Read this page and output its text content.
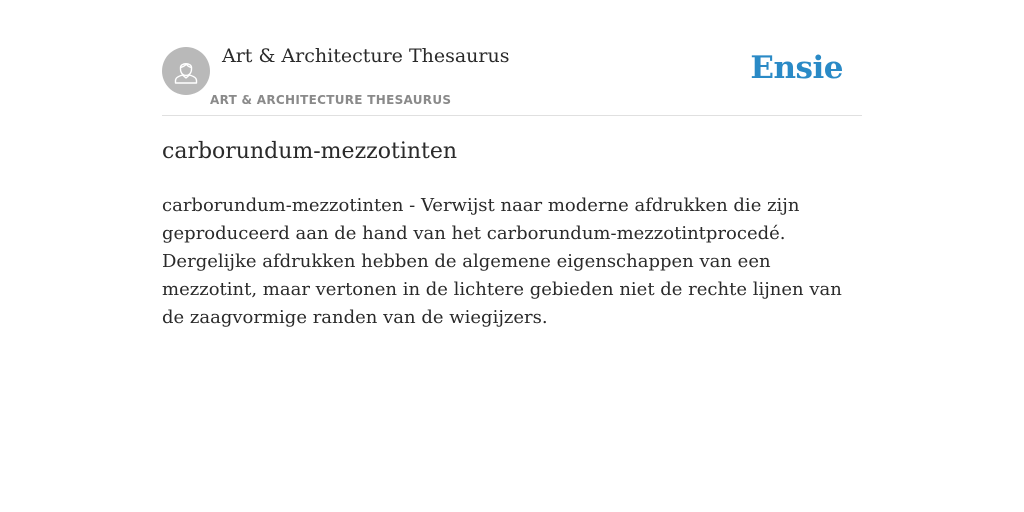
Art & Architecture Thesaurus
ART & ARCHITECTURE THESAURUS
Ensie
carborundum-mezzotinten

carborundum-mezzotinten - Verwijst naar moderne afdrukken die zijn geproduceerd aan de hand van het carborundum-mezzotintprocedé. Dergelijke afdrukken hebben de algemene eigenschappen van een mezzotint, maar vertonen in de lichtere gebieden niet de rechte lijnen van de zaagvormige randen van de wiegijzers.
